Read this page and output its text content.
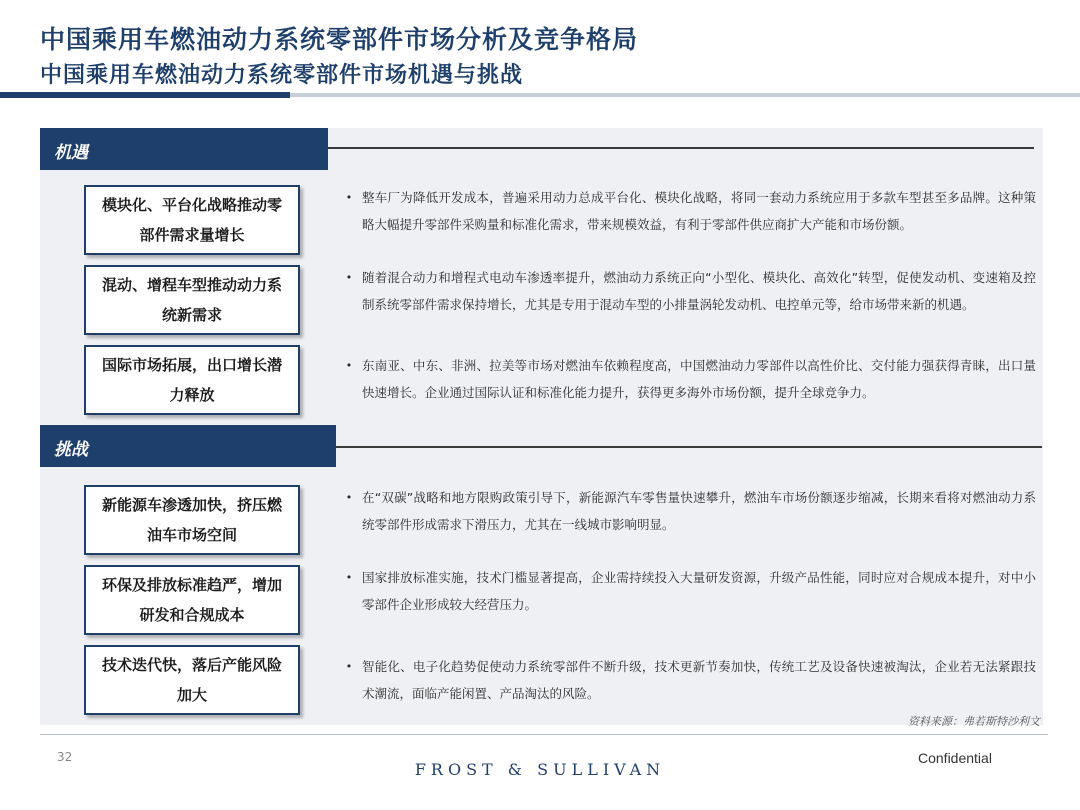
中国乘用车燃油动力系统零部件市场分析及竞争格局
中国乘用车燃油动力系统零部件市场机遇与挑战
机遇
模块化、平台化战略推动零部件需求量增长
• 整车厂为降低开发成本，普遍采用动力总成平台化、模块化战略，将同一套动力系统应用于多款车型甚至多品牌。这种策略大幅提升零部件采购量和标准化需求，带来规模效益，有利于零部件供应商扩大产能和市场份额。
混动、增程车型推动动力系统新需求
• 随着混合动力和增程式电动车渗透率提升，燃油动力系统正向“小型化、模块化、高效化”转型，促使发动机、变速箱及控制系统零部件需求保持增长，尤其是专用于混动车型的小排量涡轮发动机、电控单元等，给市场带来新的机遇。
国际市场拓展，出口增长潜力释放
• 东南亚、中东、非洲、拉美等市场对燃油车依赖程度高，中国燃油动力零部件以高性价比、交付能力强获得青睐，出口量快速增长。企业通过国际认证和标准化能力提升，获得更多海外市场份额，提升全球竞争力。
挑战
新能源车渗透加快，挤压燃油车市场空间
• 在“双碳”战略和地方限购政策引导下，新能源汽车零售量快速攀升，燃油车市场份额逐步缩减，长期来看将对燃油动力系统零部件形成需求下滑压力，尤其在一线城市影响明显。
环保及排放标准趋严，增加研发和合规成本
• 国家排放标准实施，技术门槛显著提高，企业需持续投入大量研发资源，升级产品性能，同时应对合规成本提升，对中小零部件企业形成较大经营压力。
技术迭代快，落后产能风险加大
• 智能化、电子化趋势促使动力系统零部件不断升级，技术更新节奏加快，传统工艺及设备快速被淘汰，企业若无法紧跟技术潮流，面临产能闲置、产品淘汰的风险。
资料来源：弗若斯特沙利文
32
FROST & SULLIVAN
Confidential
